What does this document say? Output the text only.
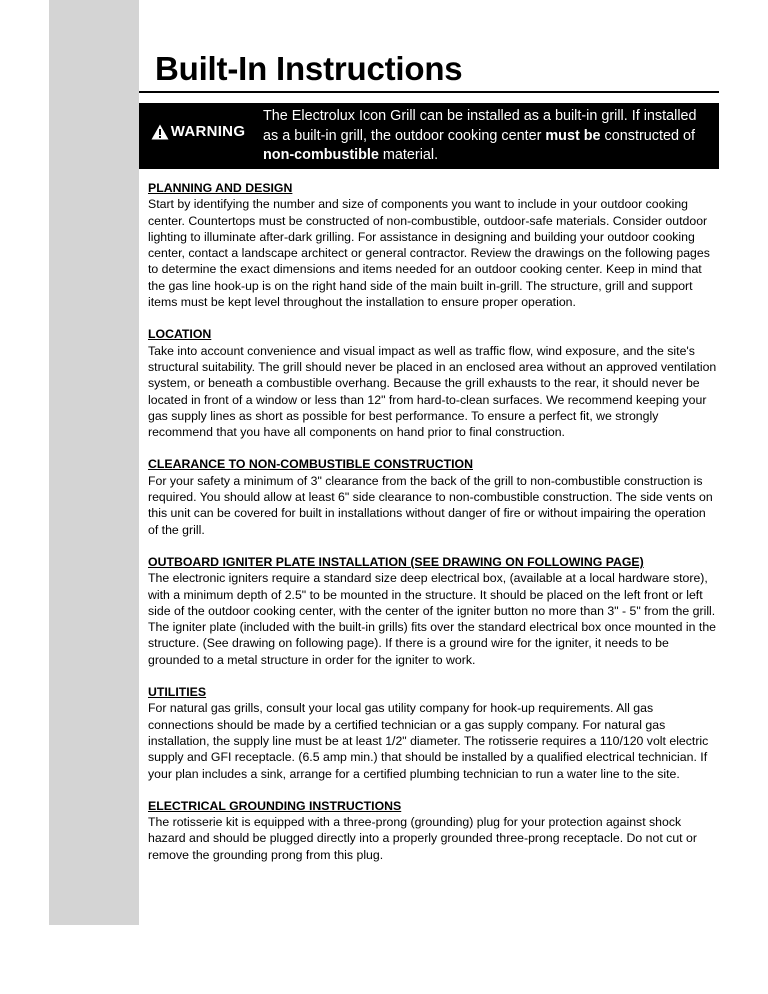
Built-In Instructions
WARNING
The Electrolux Icon Grill can be installed as a built-in grill. If installed as a built-in grill, the outdoor cooking center must be constructed of non-combustible material.

PLANNING AND DESIGN

Start by identifying the number and size of components you want to include in your outdoor cooking center. Countertops must be constructed of non-combustible, outdoor-safe materials. Consider outdoor lighting to illuminate after-dark grilling. For assistance in designing and building your outdoor cooking center, contact a landscape architect or general contractor. Review the drawings on the following pages to determine the exact dimensions and items needed for an outdoor cooking center. Keep in mind that the gas line hook-up is on the right hand side of the main built in-grill. The structure, grill and support items must be kept level throughout the installation to ensure proper operation.

LOCATION

Take into account convenience and visual impact as well as traffic flow, wind exposure, and the site's structural suitability. The grill should never be placed in an enclosed area without an approved ventilation system, or beneath a combustible overhang. Because the grill exhausts to the rear, it should never be located in front of a window or less than 12" from hard-to-clean surfaces. We recommend keeping your gas supply lines as short as possible for best performance. To ensure a perfect fit, we strongly recommend that you have all components on hand prior to final construction.

CLEARANCE TO NON-COMBUSTIBLE CONSTRUCTION

For your safety a minimum of 3" clearance from the back of the grill to non-combustible construction is required. You should allow at least 6" side clearance to non-combustible construction. The side vents on this unit can be covered for built in installations without danger of fire or without impairing the operation of the grill.

OUTBOARD IGNITER PLATE INSTALLATION (SEE DRAWING ON FOLLOWING PAGE)

The electronic igniters require a standard size deep electrical box, (available at a local hardware store), with a minimum depth of 2.5" to be mounted in the structure. It should be placed on the left front or left side of the outdoor cooking center, with the center of the igniter button no more than 3" - 5" from the grill. The igniter plate (included with the built-in grills) fits over the standard electrical box once mounted in the structure. (See drawing on following page). If there is a ground wire for the igniter, it needs to be grounded to a metal structure in order for the igniter to work.

UTILITIES

For natural gas grills, consult your local gas utility company for hook-up requirements. All gas connections should be made by a certified technician or a gas supply company. For natural gas installation, the supply line must be at least 1/2" diameter. The rotisserie requires a 110/120 volt electric supply and GFI receptacle. (6.5 amp min.) that should be installed by a qualified electrical technician. If your plan includes a sink, arrange for a certified plumbing technician to run a water line to the site.

ELECTRICAL GROUNDING INSTRUCTIONS

The rotisserie kit is equipped with a three-prong (grounding) plug for your protection against shock hazard and should be plugged directly into a properly grounded three-prong receptacle. Do not cut or remove the grounding prong from this plug.
